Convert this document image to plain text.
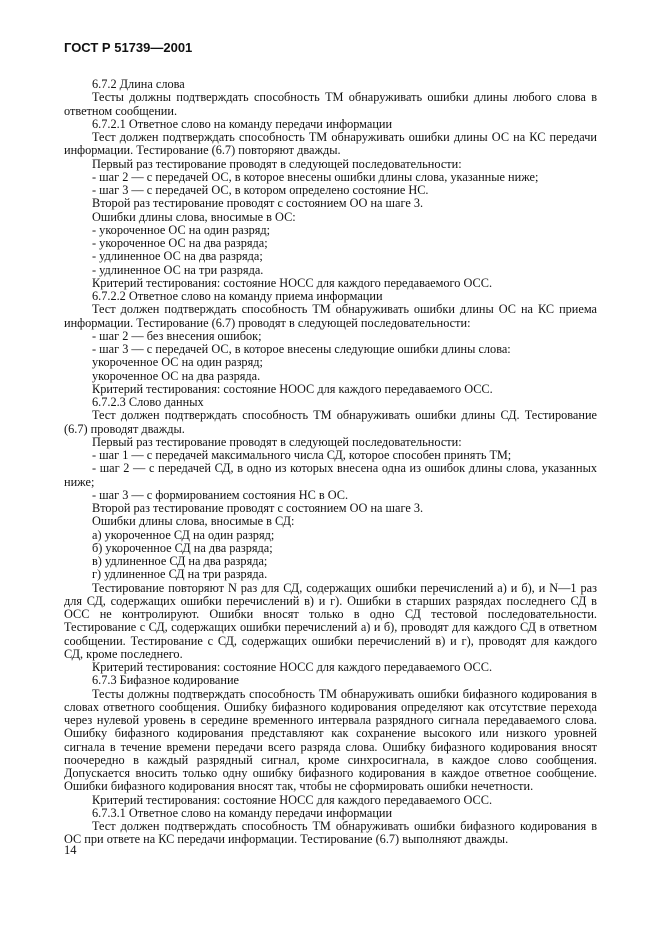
ГОСТ Р 51739—2001

6.7.2 Длина слова

Тесты должны подтверждать способность ТМ обнаруживать ошибки длины любого слова в ответном сообщении.

6.7.2.1 Ответное слово на команду передачи информации

Тест должен подтверждать способность ТМ обнаруживать ошибки длины ОС на КС передачи информации. Тестирование (6.7) повторяют дважды.

Первый раз тестирование проводят в следующей последовательности:

- шаг 2 — с передачей ОС, в которое внесены ошибки длины слова, указанные ниже;

- шаг 3 — с передачей ОС, в котором определено состояние НС.

Второй раз тестирование проводят с состоянием ОО на шаге 3.

Ошибки длины слова, вносимые в ОС:

- укороченное ОС на один разряд;

- укороченное ОС на два разряда;

- удлиненное ОС на два разряда;

- удлиненное ОС на три разряда.

Критерий тестирования: состояние НОСС для каждого передаваемого ОСС.

6.7.2.2 Ответное слово на команду приема информации

Тест должен подтверждать способность ТМ обнаруживать ошибки длины ОС на КС приема информации. Тестирование (6.7) проводят в следующей последовательности:

- шаг 2 — без внесения ошибок;

- шаг 3 — с передачей ОС, в которое внесены следующие ошибки длины слова:

укороченное ОС на один разряд;

укороченное ОС на два разряда.

Критерий тестирования: состояние НООС для каждого передаваемого ОСС.

6.7.2.3 Слово данных

Тест должен подтверждать способность ТМ обнаруживать ошибки длины СД. Тестирование (6.7) проводят дважды.

Первый раз тестирование проводят в следующей последовательности:

- шаг 1 — с передачей максимального числа СД, которое способен принять ТМ;

- шаг 2 — с передачей СД, в одно из которых внесена одна из ошибок длины слова, указанных ниже;

- шаг 3 — с формированием состояния НС в ОС.

Второй раз тестирование проводят с состоянием ОО на шаге 3.

Ошибки длины слова, вносимые в СД:

а) укороченное СД на один разряд;

б) укороченное СД на два разряда;

в) удлиненное СД на два разряда;

г) удлиненное СД на три разряда.

Тестирование повторяют N раз для СД, содержащих ошибки перечислений а) и б), и N—1 раз для СД, содержащих ошибки перечислений в) и г). Ошибки в старших разрядах последнего СД в ОСС не контролируют. Ошибки вносят только в одно СД тестовой последовательности. Тестирование с СД, содержащих ошибки перечислений а) и б), проводят для каждого СД в ответном сообщении. Тестирование с СД, содержащих ошибки перечислений в) и г), проводят для каждого СД, кроме последнего.

Критерий тестирования: состояние НОСС для каждого передаваемого ОСС.

6.7.3 Бифазное кодирование

Тесты должны подтверждать способность ТМ обнаруживать ошибки бифазного кодирования в словах ответного сообщения. Ошибку бифазного кодирования определяют как отсутствие перехода через нулевой уровень в середине временного интервала разрядного сигнала передаваемого слова. Ошибку бифазного кодирования представляют как сохранение высокого или низкого уровней сигнала в течение времени передачи всего разряда слова. Ошибку бифазного кодирования вносят поочередно в каждый разрядный сигнал, кроме синхросигнала, в каждое слово сообщения. Допускается вносить только одну ошибку бифазного кодирования в каждое ответное сообщение. Ошибки бифазного кодирования вносят так, чтобы не сформировать ошибки нечетности.

Критерий тестирования: состояние НОСС для каждого передаваемого ОСС.

6.7.3.1 Ответное слово на команду передачи информации

Тест должен подтверждать способность ТМ обнаруживать ошибки бифазного кодирования в ОС при ответе на КС передачи информации. Тестирование (6.7) выполняют дважды.

14
